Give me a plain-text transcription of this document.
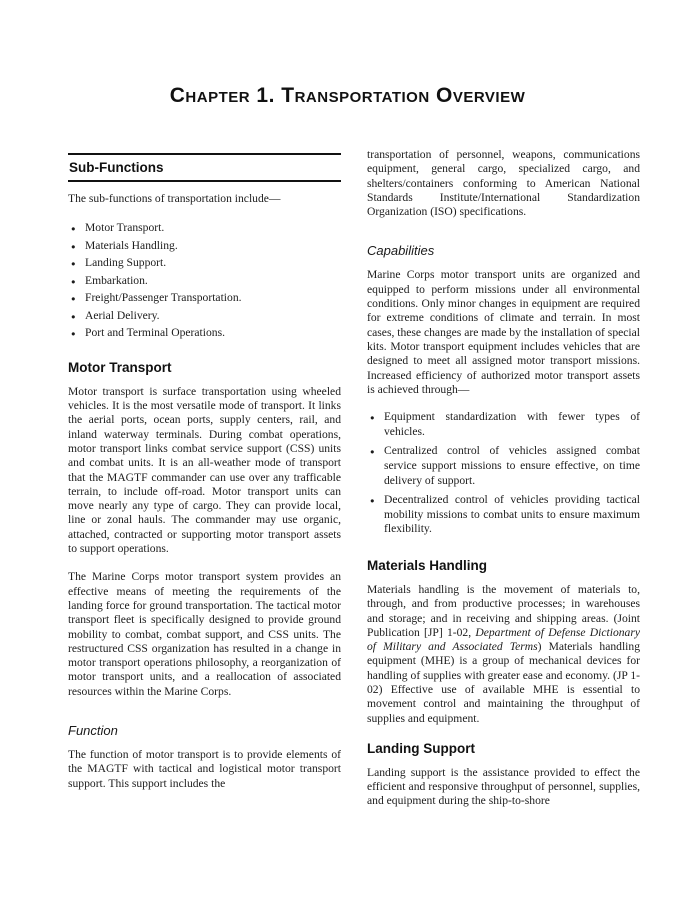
Chapter 1. Transportation Overview
Sub-Functions

The sub-functions of transportation include—

● Motor Transport.
● Materials Handling.
● Landing Support.
● Embarkation.
● Freight/Passenger Transportation.
● Aerial Delivery.
● Port and Terminal Operations.
Motor Transport

Motor transport is surface transportation using wheeled vehicles. It is the most versatile mode of transport. It links the aerial ports, ocean ports, supply centers, rail, and inland waterway terminals. During combat operations, motor transport links combat service support (CSS) units and combat units. It is an all-weather mode of transport that the MAGTF commander can use over any trafficable terrain, to include off-road. Motor transport units can move nearly any type of cargo. They can provide local, line or zonal hauls. The commander may use organic, attached, contracted or supporting motor transport assets to support operations.

The Marine Corps motor transport system provides an effective means of meeting the requirements of the landing force for ground transportation. The tactical motor transport fleet is specifically designed to provide ground mobility to combat, combat support, and CSS units. The restructured CSS organization has resulted in a change in motor transport operations philosophy, a reorganization of motor transport units, and a reallocation of associated resources within the Marine Corps.

Function

The function of motor transport is to provide elements of the MAGTF with tactical and logistical motor transport support. This support includes the

transportation of personnel, weapons, communications equipment, general cargo, specialized cargo, and shelters/containers conforming to American National Standards Institute/International Standardization Organization (ISO) specifications.

Capabilities

Marine Corps motor transport units are organized and equipped to perform missions under all environmental conditions. Only minor changes in equipment are required for extreme conditions of climate and terrain. In most cases, these changes are made by the installation of special kits. Motor transport equipment includes vehicles that are designed to meet all assigned motor transport missions. Increased efficiency of authorized motor transport assets is achieved through—

● Equipment standardization with fewer types of vehicles.
● Centralized control of vehicles assigned combat service support missions to ensure effective, on time delivery of support.
● Decentralized control of vehicles providing tactical mobility missions to combat units to ensure maximum flexibility.
Materials Handling

Materials handling is the movement of materials to, through, and from productive processes; in warehouses and storage; and in receiving and shipping areas. (Joint Publication [JP] 1-02, Department of Defense Dictionary of Military and Associated Terms) Materials handling equipment (MHE) is a group of mechanical devices for handling of supplies with greater ease and economy. (JP 1-02) Effective use of available MHE is essential to movement control and maintaining the throughput of supplies and equipment.

Landing Support

Landing support is the assistance provided to effect the efficient and responsive throughput of personnel, supplies, and equipment during the ship-to-shore
